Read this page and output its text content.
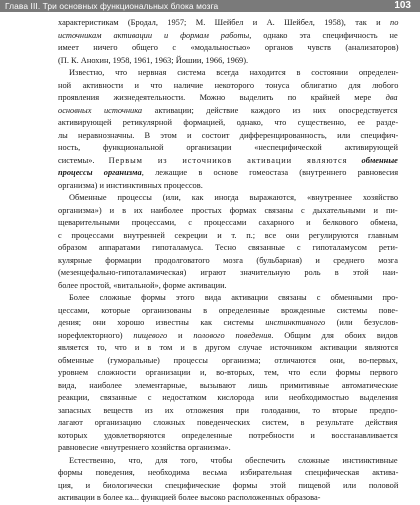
Глава III. Три основных функциональных блока мозга	103
характеристикам (Бродал, 1957; М. Шейбел и А. Шейбел, 1958), так и по
источникам активации и формам работы, однако эта специфичность не
имеет ничего общего с «модальностью» органов чувств (анализаторов)
(П. К. Анохин, 1958, 1961, 1963; Йошии, 1966, 1969).
Известно, что нервная система всегда находится в состоянии определен-
ной активности и что наличие некоторого тонуса облигатно для любого
проявления жизнедеятельности. Можно выделить по крайней мере два
основных источника активации; действие каждого из них опосредствуется
активирующей ретикулярной формацией, однако, что существенно, ее разде-
лы неравнозначны. В этом и состоит дифференцированность, или специфич-
ность, функциональной организации «неспецифической активирующей
системы». Первым из источников активации являются обменные
процессы организма, лежащие в основе гомеостаза (внутреннего равновесия
организма) и инстинктивных процессов.
Обменные процессы (или, как иногда выражаются, «внутреннее хозяйство
организма») и в их наиболее простых формах связаны с дыхательными и пи-
щеварительными процессами, с процессами сахарного и белкового обмена,
с процессами внутренней секреции и т. п.; все они регулируются главным
образом аппаратами гипоталамуса. Тесно связанные с гипоталамусом рети-
кулярные формации продолговатого мозга (бульбарная) и среднего мозга
(мезенцефально-гипоталамическая) играют значительную роль в этой наи-
более простой, «витальной», форме активации.
Более сложные формы этого вида активации связаны с обменными про-
цессами, которые организованы в определенные врожденные системы пове-
дения; они хорошо известны как системы инстинктивного (или безуслов-
норефлекторного) пищевого и полового поведения. Общим для обоих видов
является то, что и в том и в другом случае источником активации являются
обменные (гуморальные) процессы организма; отличаются они, во-первых,
уровнем сложности организации и, во-вторых, тем, что если формы первого
вида, наиболее элементарные, вызывают лишь примитивные автоматические
реакции, связанные с недостатком кислорода или необходимостью выделения
запасных веществ из их отложения при голодании, то вторые предпо-
лагают организацию сложных поведенческих систем, в результате действия
которых удовлетворяются определенные потребности и восстанавливается
равновесие «внутреннего хозяйства организма».
Естественно, что, для того, чтобы обеспечить сложные инстинктивные
формы поведения, необходима весьма избирательная специфическая актива-
ция, и биологически специфические формы этой пищевой или половой
активации в более ка... функцией более высоко расположенных образова-
